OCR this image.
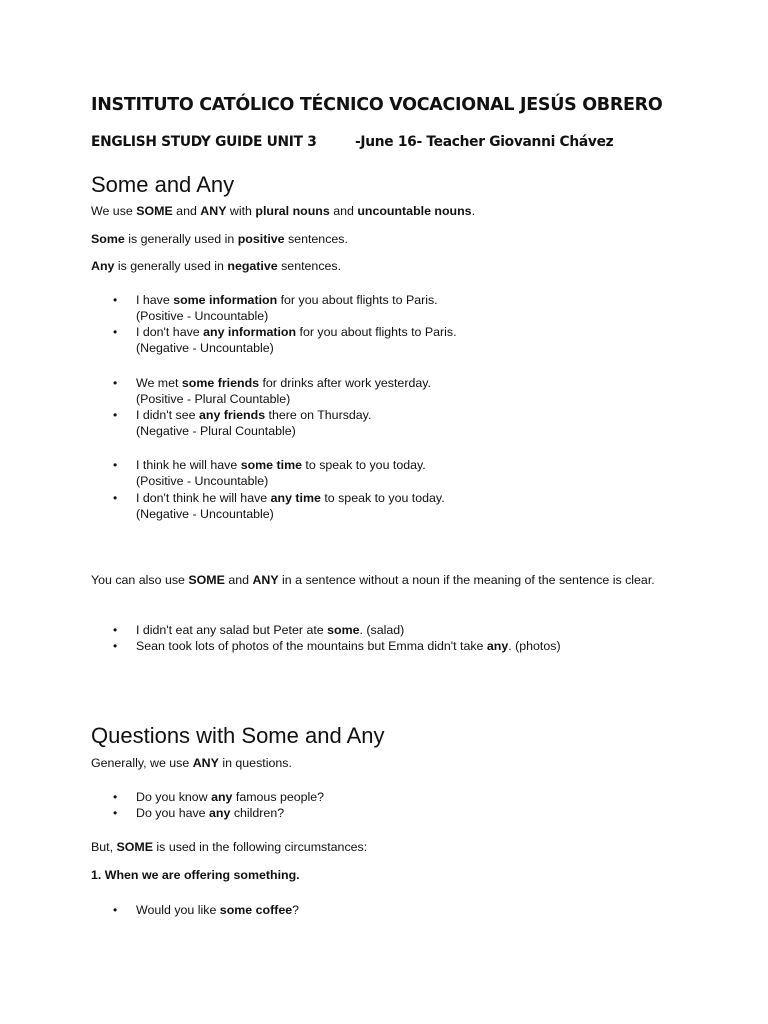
INSTITUTO CATÓLICO TÉCNICO VOCACIONAL JESÚS OBRERO
ENGLISH STUDY GUIDE UNIT 3	-June 16- Teacher Giovanni Chávez
Some and Any
We use SOME and ANY with plural nouns and uncountable nouns.
Some is generally used in positive sentences.
Any is generally used in negative sentences.
• I have some information for you about flights to Paris.
(Positive - Uncountable)
• I don't have any information for you about flights to Paris.
(Negative - Uncountable)
• We met some friends for drinks after work yesterday.
(Positive - Plural Countable)
• I didn't see any friends there on Thursday.
(Negative - Plural Countable)
• I think he will have some time to speak to you today.
(Positive - Uncountable)
• I don't think he will have any time to speak to you today.
(Negative - Uncountable)
You can also use SOME and ANY in a sentence without a noun if the meaning of the sentence is clear.
• I didn't eat any salad but Peter ate some. (salad)
• Sean took lots of photos of the mountains but Emma didn't take any. (photos)
Questions with Some and Any
Generally, we use ANY in questions.
• Do you know any famous people?
• Do you have any children?
But, SOME is used in the following circumstances:
1. When we are offering something.
• Would you like some coffee?
